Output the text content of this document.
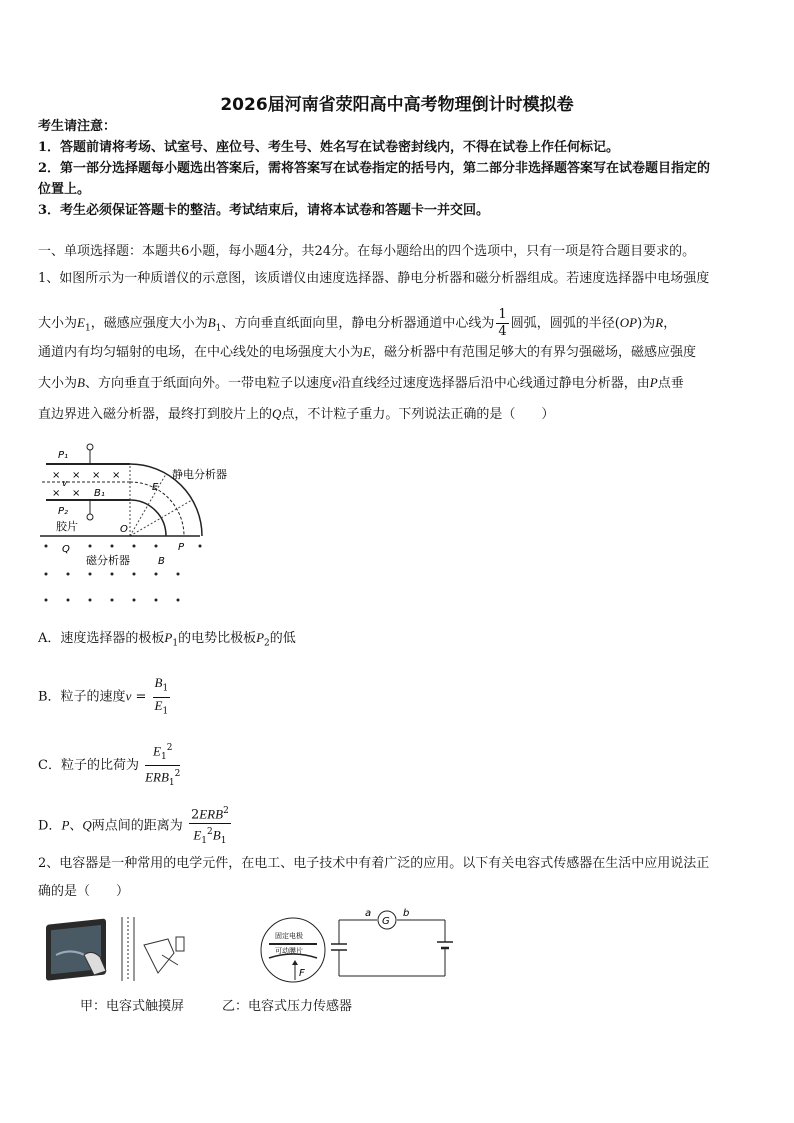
2026届河南省荥阳高中高考物理倒计时模拟卷
考生请注意：
1．答题前请将考场、试室号、座位号、考生号、姓名写在试卷密封线内，不得在试卷上作任何标记。
2．第一部分选择题每小题选出答案后，需将答案写在试卷指定的括号内，第二部分非选择题答案写在试卷题目指定的
位置上。
3．考生必须保证答题卡的整洁。考试结束后，请将本试卷和答题卡一并交回。
一、单项选择题：本题共6小题，每小题4分，共24分。在每小题给出的四个选项中，只有一项是符合题目要求的。
1、如图所示为一种质谱仪的示意图，该质谱仪由速度选择器、静电分析器和磁分析器组成。若速度选择器中电场强度
大小为$E_1$，磁感应强度大小为$B_1$、方向垂直纸面向里，静电分析器通道中心线为 $\frac{1}{4}$ 圆弧，圆弧的半径(OP)为R，
通道内有均匀辐射的电场，在中心线处的电场强度大小为E，磁分析器中有范围足够大的有界匀强磁场，磁感应强度
大小为B、方向垂直于纸面向外。一带电粒子以速度v沿直线经过速度选择器后沿中心线通过静电分析器，由P点垂
直边界进入磁分析器，最终打到胶片上的Q点，不计粒子重力。下列说法正确的是（　　）
P₁
P₂
× × × ×
× ×
v
B₁
E
静电分析器
胶片	O
P
Q
磁分析器	B
A．速度选择器的极板$P_1$的电势比极板$P_2$的低
B．粒子的速度$v = \frac{B_1}{E_1}$
C．粒子的比荷为 $\frac{E_1^2}{ERB_1^2}$
D．P、Q两点间的距离为 $\frac{2ERB^2}{E_1^2B_1}$
2、电容器是一种常用的电学元件，在电工、电子技术中有着广泛的应用。以下有关电容式传感器在生活中应用说法正
确的是（　　）
固定电极
可动膜片
F
G
a	b
甲：电容式触摸屏	乙：电容式压力传感器
